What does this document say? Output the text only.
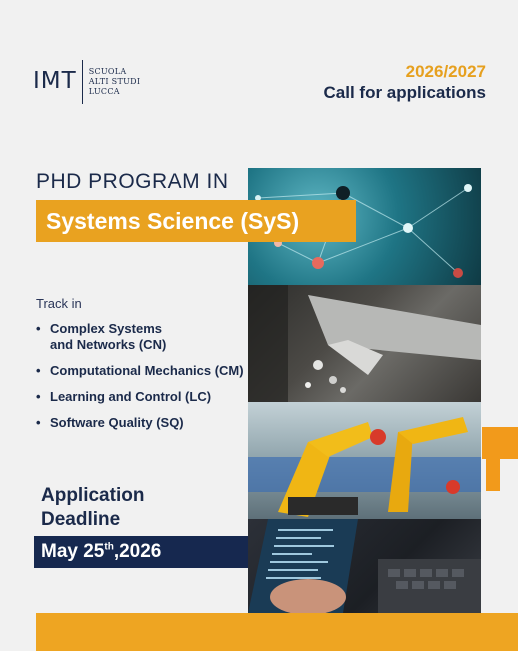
IMT	SCUOLA
ALTI STUDI
LUCCA
2026/2027
Call for applications
PHD PROGRAM IN
Systems Science (SyS)
Track in
• Complex Systems
and Networks (CN)
• Computational Mechanics (CM)
• Learning and Control (LC)
• Software Quality (SQ)
Application
Deadline
May 25th,2026
